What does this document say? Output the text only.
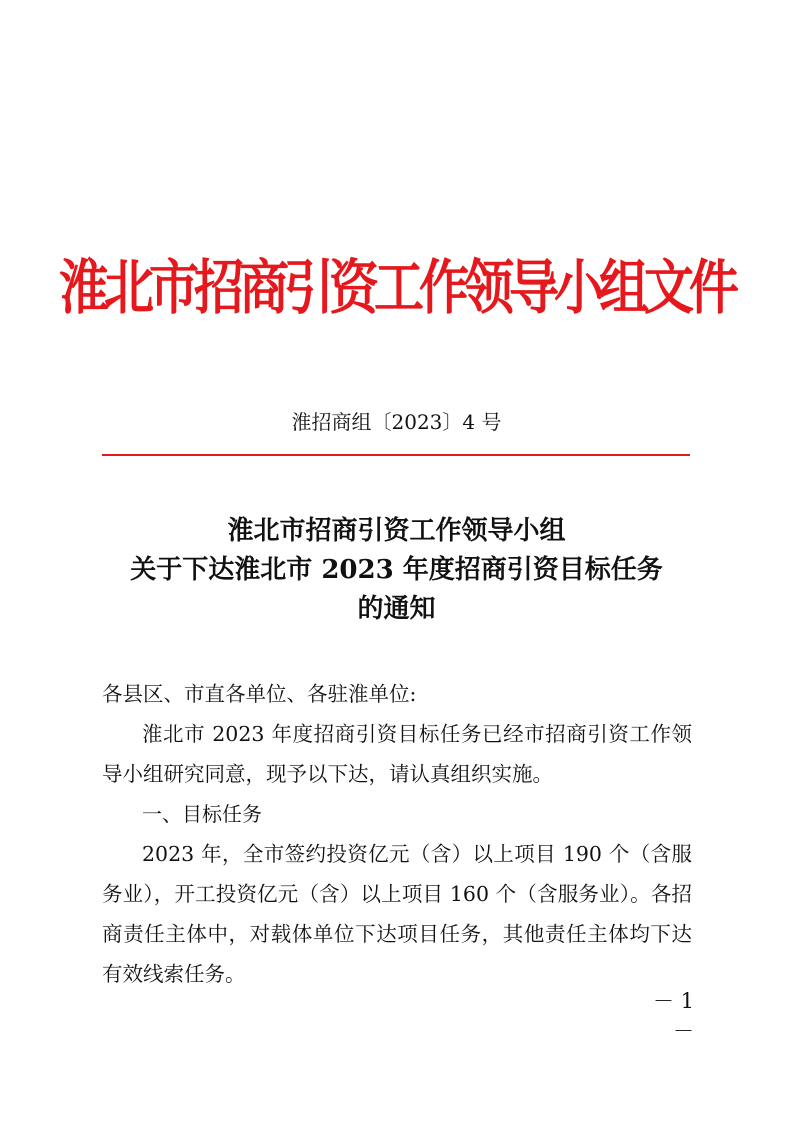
淮北市招商引资工作领导小组文件
淮招商组〔2023〕4 号
淮北市招商引资工作领导小组
关于下达淮北市 2023 年度招商引资目标任务
的通知
各县区、市直各单位、各驻淮单位:
淮北市 2023 年度招商引资目标任务已经市招商引资工作领
导小组研究同意，现予以下达，请认真组织实施。
一、目标任务
2023 年，全市签约投资亿元（含）以上项目 190 个（含服
务业），开工投资亿元（含）以上项目 160 个（含服务业）。各招
商责任主体中，对载体单位下达项目任务，其他责任主体均下达
有效线索任务。
－ 1 －
